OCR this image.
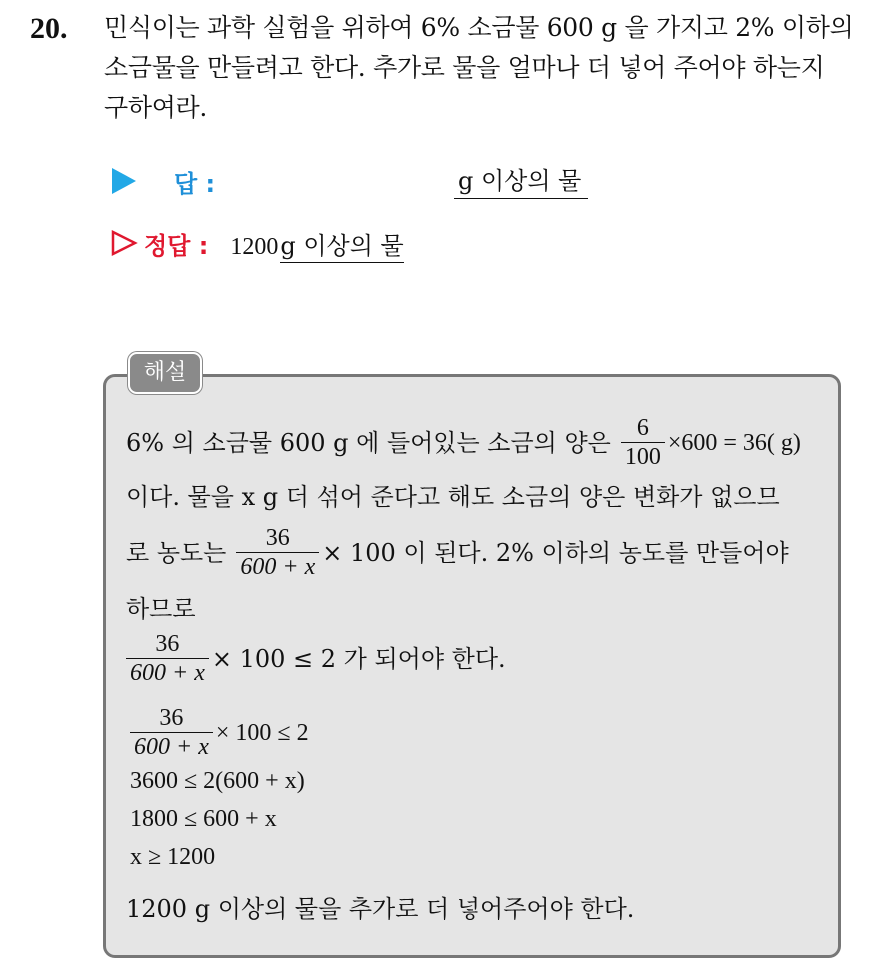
20. 민식이는 과학 실험을 위하여 6% 소금물 600 g 을 가지고 2% 이하의
소금물을 만들려고 한다. 추가로 물을 얼마나 더 넣어 주어야 하는지
구하여라.
답 :	g 이상의 물
정답 : 1200g 이상의 물
해설
6% 의 소금물 600 g 에 들어있는 소금의 양은 $\frac{6}{100} \times 600 = 36$( g)
이다. 물을 x g 더 섞어 준다고 해도 소금의 양은 변화가 없으므
로 농도는 $\frac{36}{600 + x} \times 100$ 이 된다. 2% 이하의 농도를 만들어야
하므로
$\frac{36}{600 + x} \times 100 \le 2$ 가 되어야 한다.
$\frac{36}{600 + x} \times 100 \le 2$
3600 ≤ 2(600 + x)
1800 ≤ 600 + x
x ≥ 1200
1200 g 이상의 물을 추가로 더 넣어주어야 한다.
